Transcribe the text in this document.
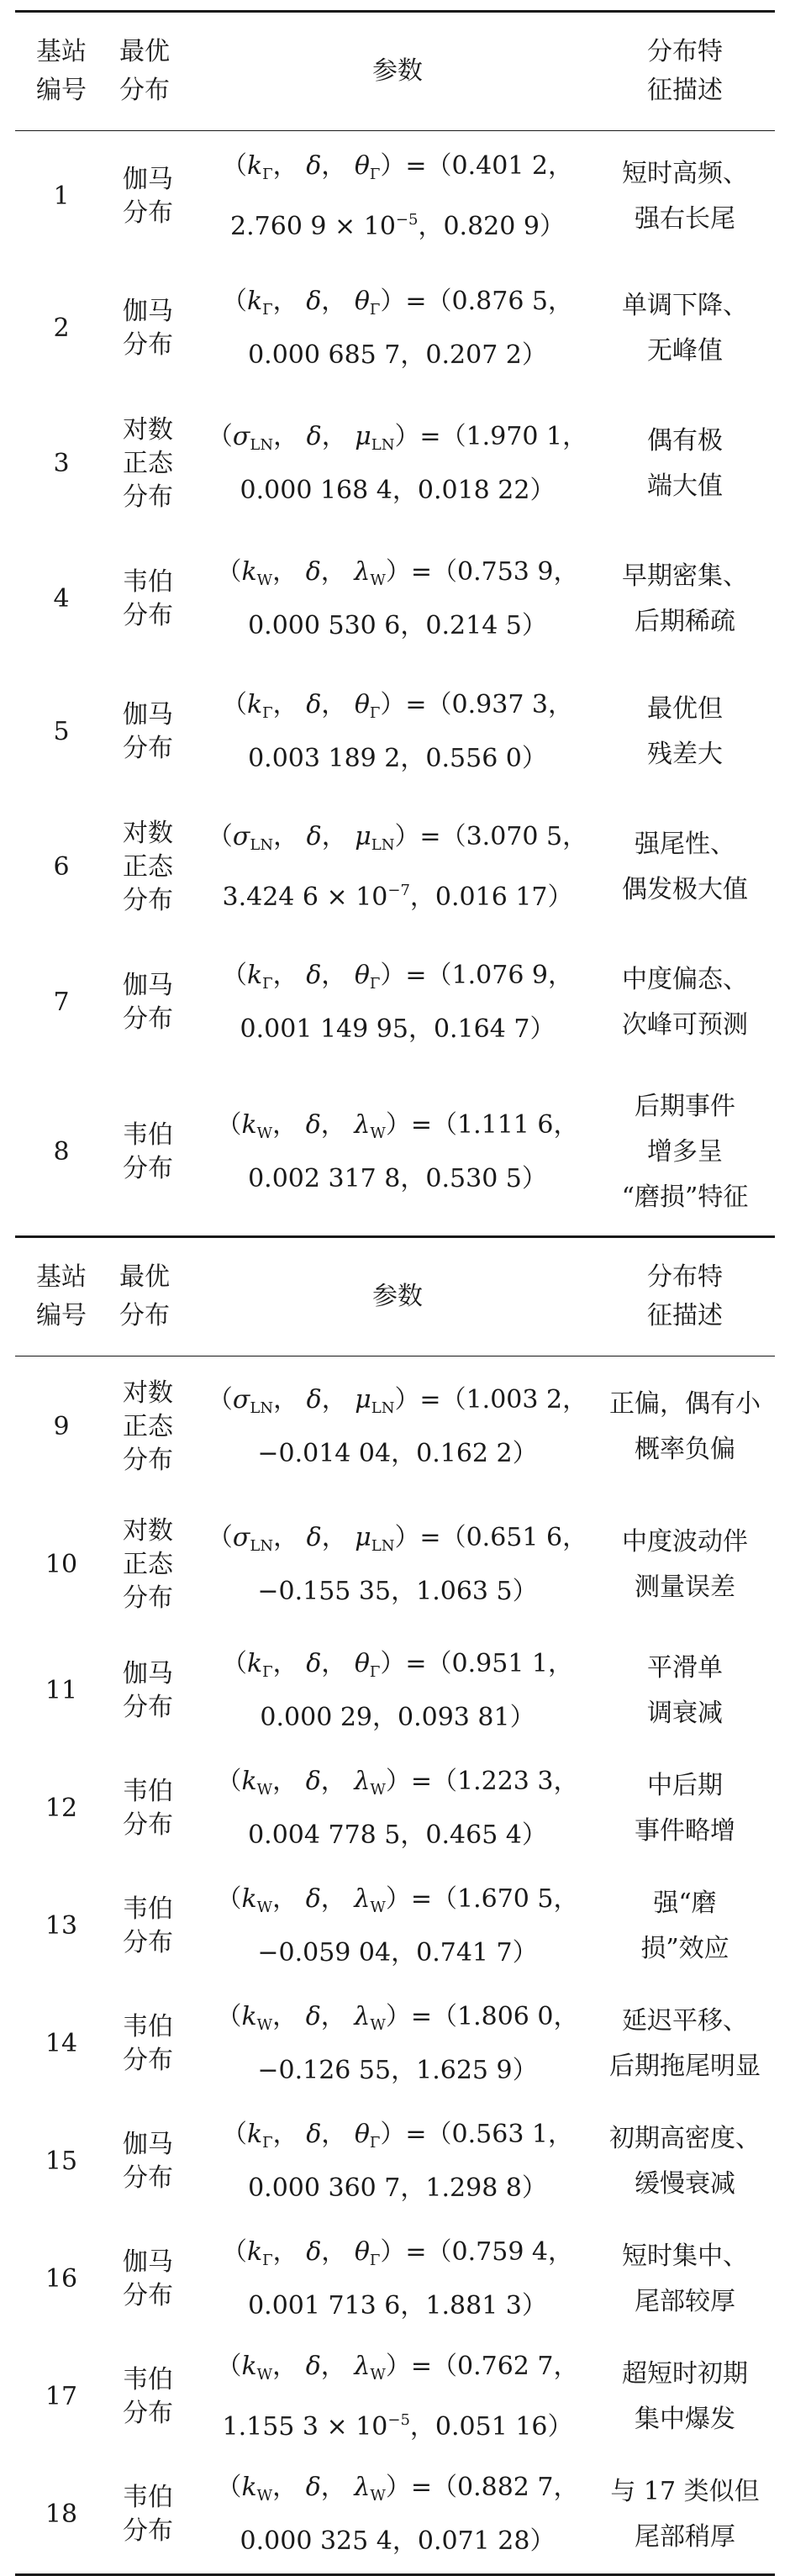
基站
编号
最优
分布
参数
分布特
征描述
1
伽马
分布
（$k_\Gamma$， δ， $\theta_\Gamma)=(0.401$ 2，
2.760 $9 \times 10^{-5}$，0.820 9）
短时高频、
强右长尾
2
伽马
分布
（$k_\Gamma$， δ， $\theta_\Gamma)=(0.876$ 5，
0.000 685 7，0.207 2）
单调下降、
无峰值
3
对数
正态
分布
（$\sigma_{LN}$， δ， $\mu_{LN})=(1.970$ 1，
0.000 168 4，0.018 22）
偶有极
端大值
4
韦伯
分布
（$k_W$， δ， $\lambda_W)=(0.753$ 9，
0.000 530 6，0.214 5）
早期密集、
后期稀疏
5
伽马
分布
（$k_\Gamma$， δ， $\theta_\Gamma)=(0.937$ 3，
0.003 189 2，0.556 0）
最优但
残差大
6
对数
正态
分布
（$\sigma_{LN}$， δ， $\mu_{LN})=(3.070$ 5，
3.424 $6 \times 10^{-7}$，0.016 17）
强尾性、
偶发极大值
7
伽马
分布
（$k_\Gamma$， δ， $\theta_\Gamma)=(1.076$ 9，
0.001 149 95，0.164 7）
中度偏态、
次峰可预测
8
韦伯
分布
（$k_W$， δ， $\lambda_W)=(1.111$ 6，
0.002 317 8，0.530 5）
后期事件
增多呈
“磨损”特征
基站
编号
最优
分布
参数
分布特
征描述
9
对数
正态
分布
（$\sigma_{LN}$， δ， $\mu_{LN})=(1.003$ 2，
−0.014 04，0.162 2）
正偏，偶有小
概率负偏
10
对数
正态
分布
（$\sigma_{LN}$， δ， $\mu_{LN})=(0.651$ 6，
−0.155 35，1.063 5）
中度波动伴
测量误差
11
伽马
分布
（$k_\Gamma$， δ， $\theta_\Gamma)=(0.951$ 1，
0.000 29，0.093 81）
平滑单
调衰减
12
韦伯
分布
（$k_W$， δ， $\lambda_W)=(1.223$ 3，
0.004 778 5，0.465 4）
中后期
事件略增
13
韦伯
分布
（$k_W$， δ， $\lambda_W)=(1.670$ 5，
−0.059 04，0.741 7）
强“磨
损”效应
14
韦伯
分布
（$k_W$， δ， $\lambda_W)=(1.806$ 0，
−0.126 55，1.625 9）
延迟平移、
后期拖尾明显
15
伽马
分布
（$k_\Gamma$， δ， $\theta_\Gamma)=(0.563$ 1，
0.000 360 7，1.298 8）
初期高密度、
缓慢衰减
16
伽马
分布
（$k_\Gamma$， δ， $\theta_\Gamma)=(0.759$ 4，
0.001 713 6，1.881 3）
短时集中、
尾部较厚
17
韦伯
分布
（$k_W$， δ， $\lambda_W)=(0.762$ 7，
1.155 $3 \times 10^{-5}$，0.051 16）
超短时初期
集中爆发
18
韦伯
分布
（$k_W$， δ， $\lambda_W)=(0.882$ 7，
0.000 325 4，0.071 28）
与 17 类似但
尾部稍厚
